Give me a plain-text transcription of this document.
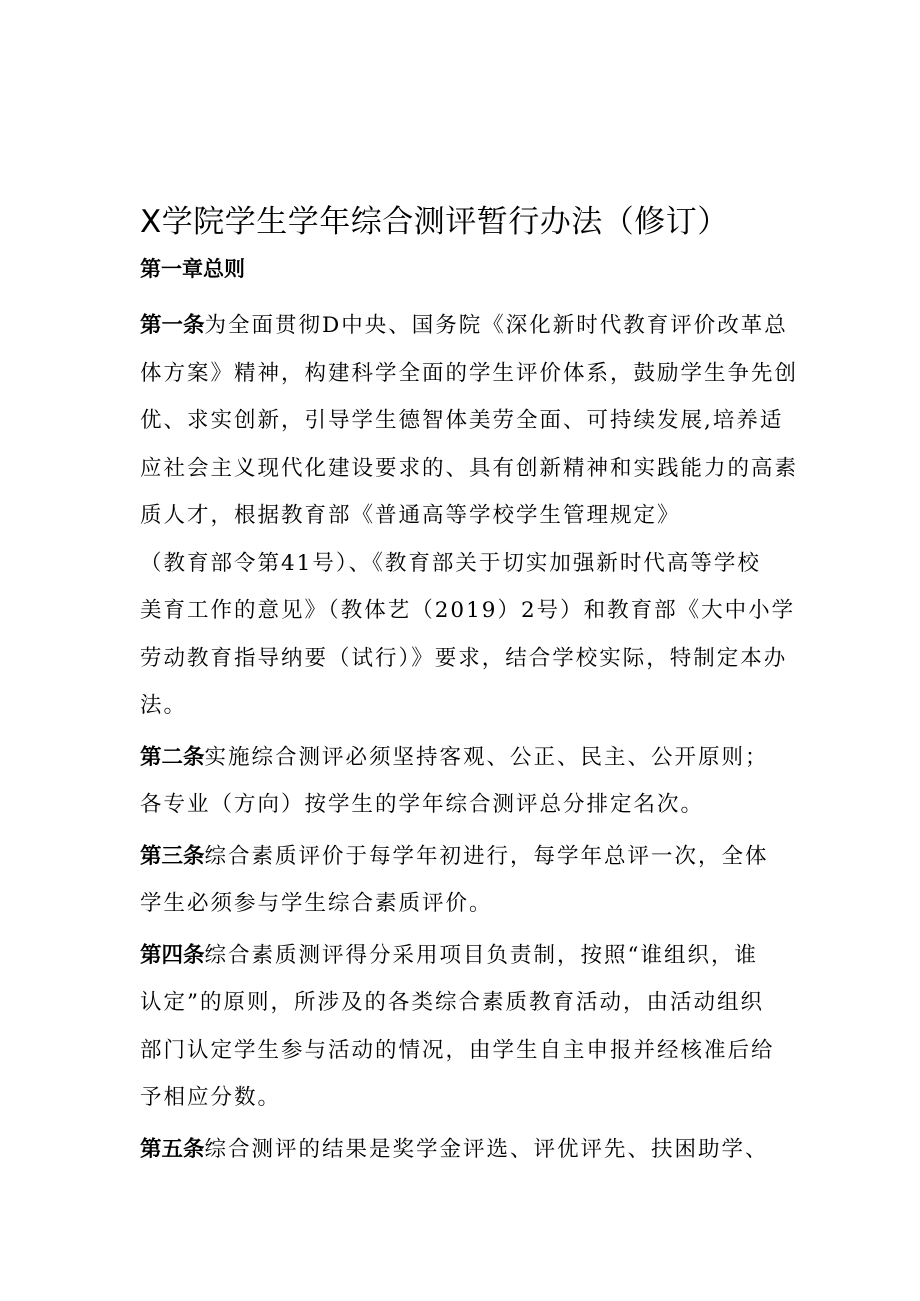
X学院学生学年综合测评暂行办法（修订）
第一章总则
第一条为全面贯彻D中央、国务院《深化新时代教育评价改革总
体方案》精神，构建科学全面的学生评价体系，鼓励学生争先创
优、求实创新，引导学生德智体美劳全面、可持续发展,培养适
应社会主义现代化建设要求的、具有创新精神和实践能力的高素
质人才，根据教育部《普通高等学校学生管理规定》
（教育部令第41号）、《教育部关于切实加强新时代高等学校
美育工作的意见》（教体艺（2019）2号）和教育部《大中小学
劳动教育指导纳要（试行）》要求，结合学校实际，特制定本办
法。
第二条实施综合测评必须坚持客观、公正、民主、公开原则；
各专业（方向）按学生的学年综合测评总分排定名次。
第三条综合素质评价于每学年初进行，每学年总评一次，全体
学生必须参与学生综合素质评价。
第四条综合素质测评得分采用项目负责制，按照“谁组织，谁
认定”的原则，所涉及的各类综合素质教育活动，由活动组织
部门认定学生参与活动的情况，由学生自主申报并经核准后给
予相应分数。
第五条综合测评的结果是奖学金评选、评优评先、扶困助学、
